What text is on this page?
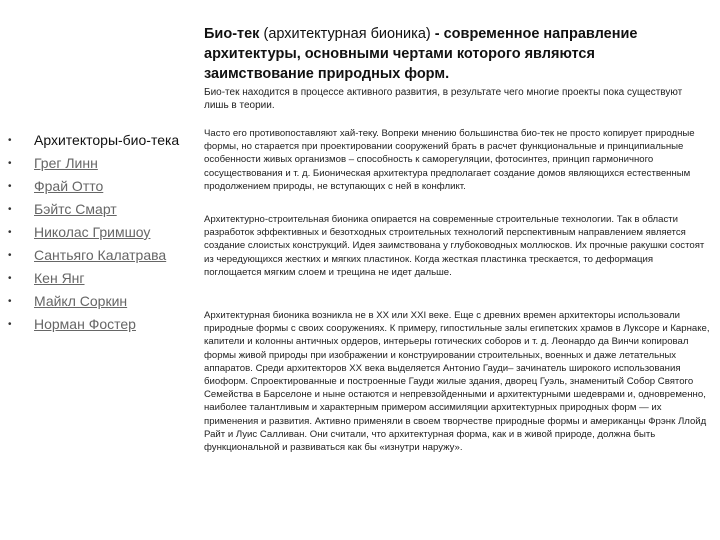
Био-тек (архитектурная бионика) - современное направление архитектуры, основными чертами которого являются заимствование природных форм.
Био-тек находится в процессе активного развития, в результате чего многие проекты пока существуют лишь в теории.
• Архитекторы-био-тека
• Грег Линн
• Фрай Отто
• Бэйтс Смарт
• Николас Гримшоу
• Сантьяго Калатрава
• Кен Янг
• Майкл Соркин
• Норман Фостер

Часто его противопоставляют хай-теку. Вопреки мнению большинства био-тек не просто копирует природные формы, но старается при проектировании сооружений брать в расчет функциональные и принципиальные особенности живых организмов – способность к саморегуляции, фотосинтез, принцип гармоничного сосуществования и т. д. Бионическая архитектура предполагает создание домов являющихся естественным продолжением природы, не вступающих с ней в конфликт.

Архитектурно-строительная бионика опирается на современные строительные технологии. Так в области разработок эффективных и безотходных строительных технологий перспективным направлением является создание слоистых конструкций. Идея заимствована у глубоководных моллюсков. Их прочные ракушки состоят из чередующихся жестких и мягких пластинок. Когда жесткая пластинка трескается, то деформация поглощается мягким слоем и трещина не идет дальше.

Архитектурная бионика возникла не в XX или XXI веке. Еще с древних времен архитекторы использовали природные формы с своих сооружениях. К примеру, гипостильные залы египетских храмов в Луксоре и Карнаке, капители и колонны античных ордеров, интерьеры готических соборов и т. д. Леонардо да Винчи копировал формы живой природы при изображении и конструировании строительных, военных и даже летательных аппаратов. Среди архитекторов XX века выделяется Антонио Гауди– зачинатель широкого использования биоформ. Спроектированные и построенные Гауди жилые здания, дворец Гуэль, знаменитый Собор Святого Семейства в Барселоне и ныне остаются и непревзойденными и архитектурными шедеврами и, одновременно, наиболее талантливым и характерным примером ассимиляции архитектурных природных форм — их применения и развития. Активно применяли в своем творчестве природные формы и американцы Фрэнк Ллойд Райт и Луис Салливан. Они считали, что архитектурная форма, как и в живой природе, должна быть функциональной и развиваться как бы «изнутри наружу».
